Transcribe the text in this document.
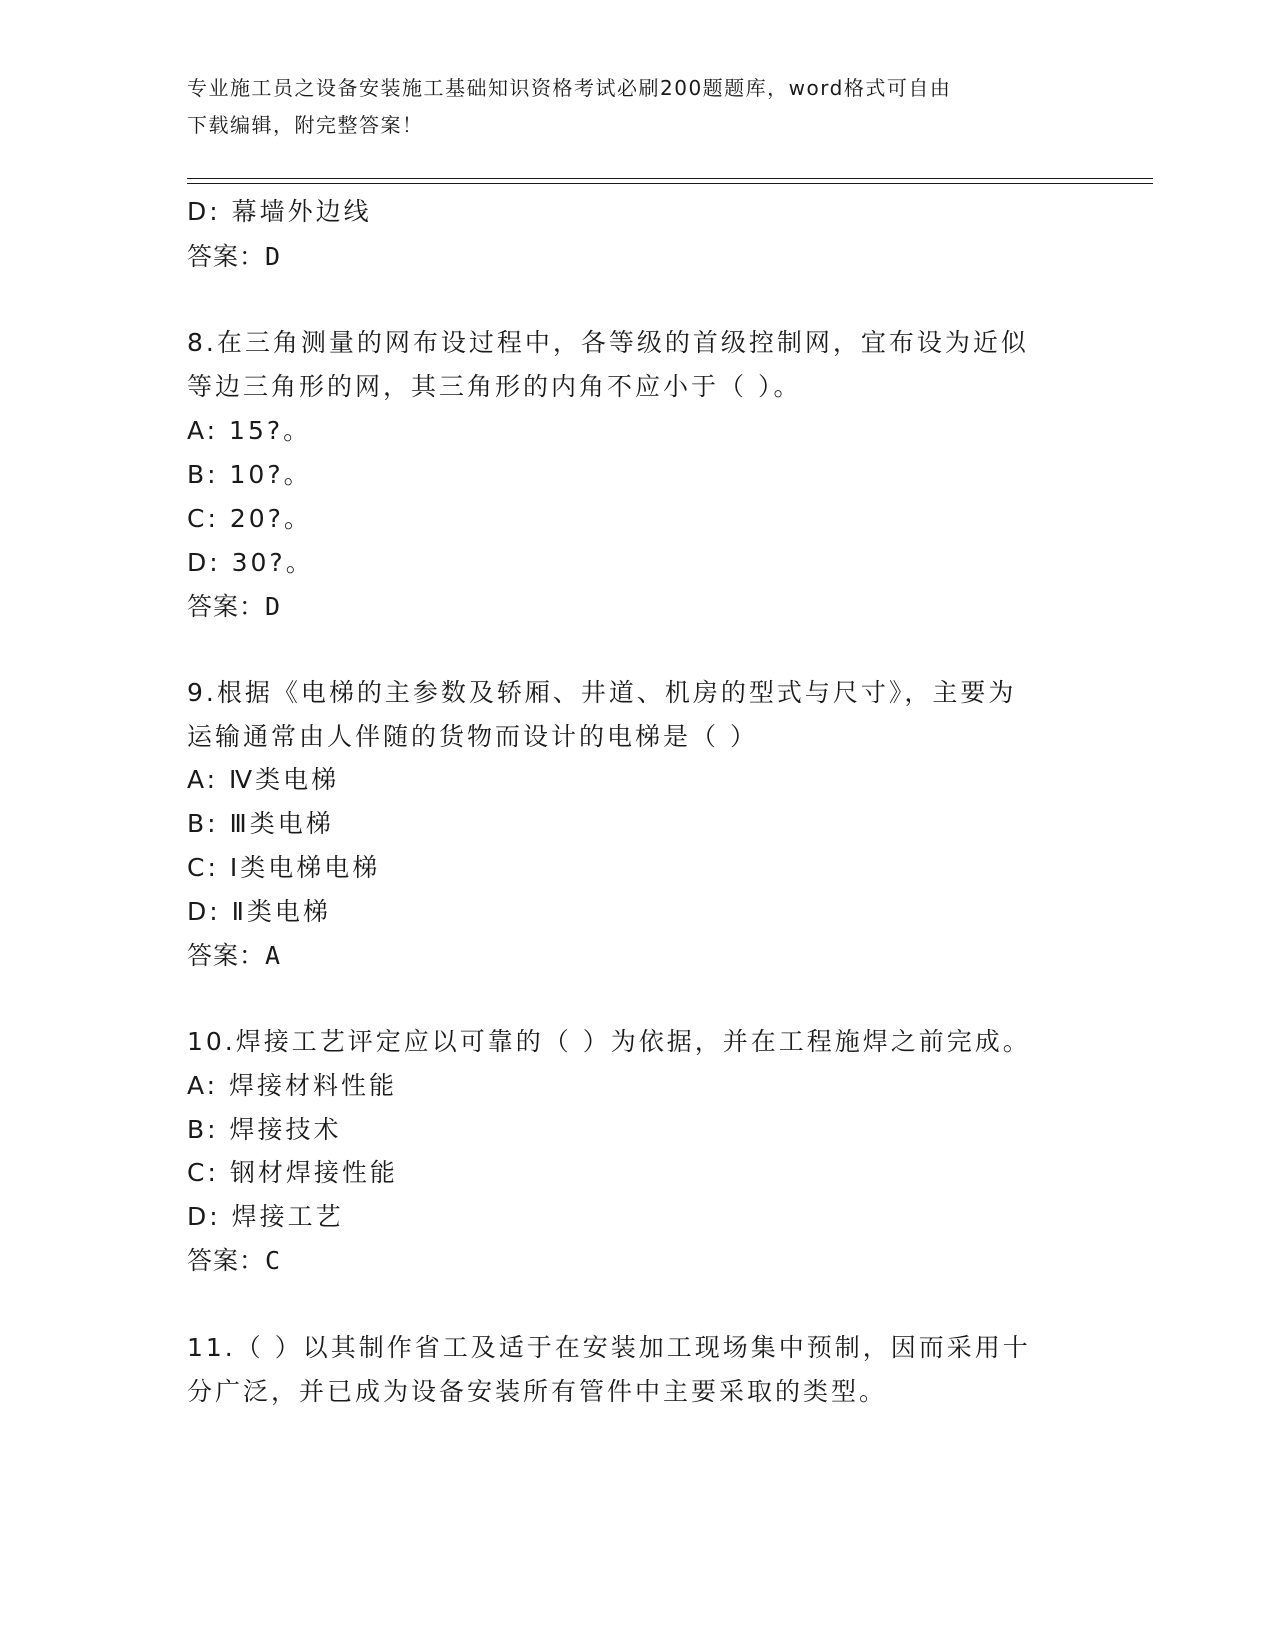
专业施工员之设备安装施工基础知识资格考试必刷200题题库，word格式可自由
下载编辑，附完整答案！
D: 幕墙外边线
答案：D
8.在三角测量的网布设过程中，各等级的首级控制网，宜布设为近似
等边三角形的网，其三角形的内角不应小于（ ）。
A: 15?。
B: 10?。
C: 20?。
D: 30?。
答案：D
9.根据《电梯的主参数及轿厢、井道、机房的型式与尺寸》，主要为
运输通常由人伴随的货物而设计的电梯是（ ）
A: Ⅳ类电梯
B: Ⅲ类电梯
C: Ⅰ类电梯电梯
D: Ⅱ类电梯
答案：A
10.焊接工艺评定应以可靠的（ ）为依据，并在工程施焊之前完成。
A: 焊接材料性能
B: 焊接技术
C: 钢材焊接性能
D: 焊接工艺
答案：C
11.（ ）以其制作省工及适于在安装加工现场集中预制，因而采用十
分广泛，并已成为设备安装所有管件中主要采取的类型。
